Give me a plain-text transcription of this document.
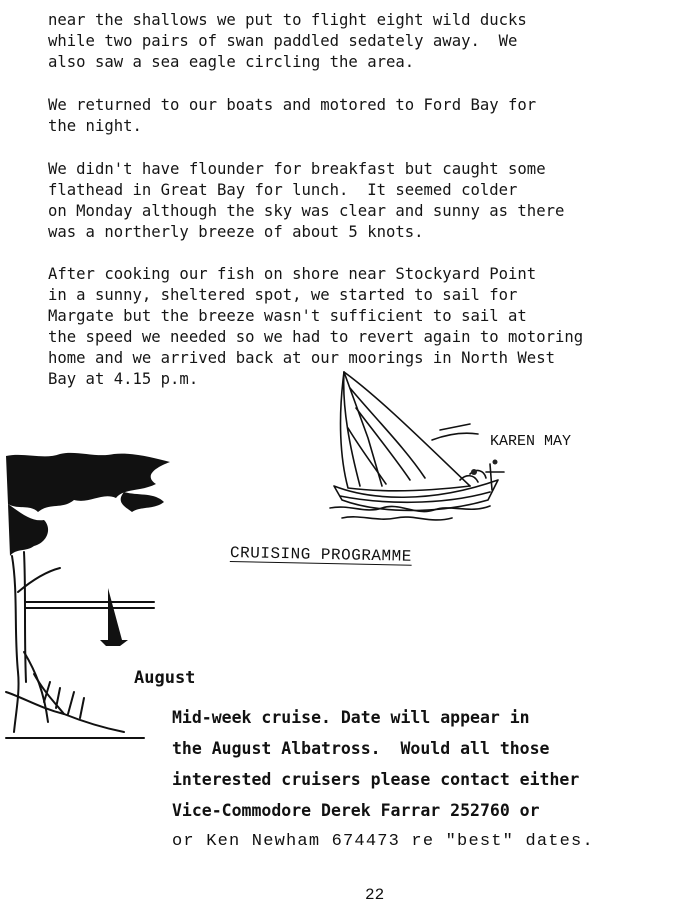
near the shallows we put to flight eight wild ducks
while two pairs of swan paddled sedately away.  We
also saw a sea eagle circling the area.

We returned to our boats and motored to Ford Bay for
the night.

We didn't have flounder for breakfast but caught some
flathead in Great Bay for lunch.  It seemed colder
on Monday although the sky was clear and sunny as there
was a northerly breeze of about 5 knots.

After cooking our fish on shore near Stockyard Point
in a sunny, sheltered spot, we started to sail for
Margate but the breeze wasn't sufficient to sail at
the speed we needed so we had to revert again to motoring
home and we arrived back at our moorings in North West
Bay at 4.15 p.m.

KAREN MAY
CRUISING PROGRAMME
August

Mid-week cruise. Date will appear in
the August Albatross.  Would all those
interested cruisers please contact either
Vice-Commodore Derek Farrar 252760 or
or Ken Newham 674473 re "best" dates.

22
